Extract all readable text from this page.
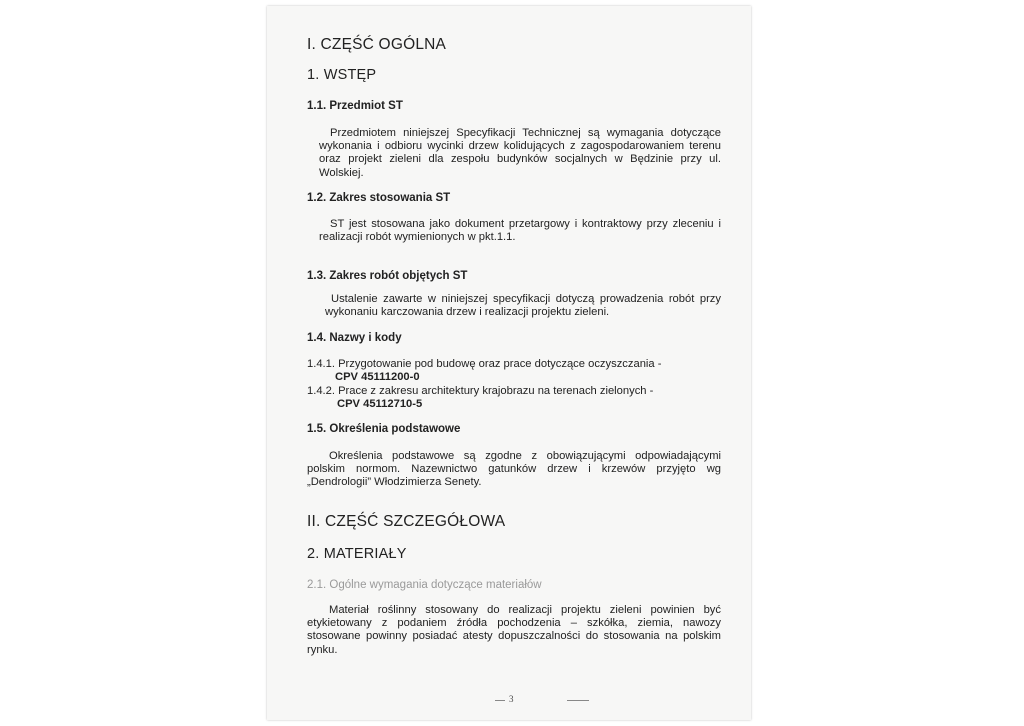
I. CZĘŚĆ OGÓLNA
1. WSTĘP
1.1. Przedmiot ST
Przedmiotem niniejszej Specyfikacji Technicznej są wymagania dotyczące wykonania i odbioru wycinki drzew kolidujących z zagospodarowaniem terenu oraz projekt zieleni dla zespołu budynków socjalnych w Będzinie przy ul. Wolskiej.
1.2. Zakres stosowania ST
ST jest stosowana jako dokument przetargowy i kontraktowy przy zleceniu i realizacji robót wymienionych w pkt.1.1.
1.3. Zakres robót objętych ST
Ustalenie zawarte w niniejszej specyfikacji dotyczą prowadzenia robót przy wykonaniu karczowania drzew i realizacji projektu zieleni.
1.4. Nazwy i kody
1.4.1. Przygotowanie pod budowę oraz prace dotyczące oczyszczania -
CPV 45111200-0
1.4.2. Prace z zakresu architektury krajobrazu na terenach zielonych -
CPV 45112710-5
1.5. Określenia podstawowe
Określenia podstawowe są zgodne z obowiązującymi odpowiadającymi polskim normom. Nazewnictwo gatunków drzew i krzewów przyjęto wg „Dendrologii” Włodzimierza Senety.
II. CZĘŚĆ SZCZEGÓŁOWA
2. MATERIAŁY
2.1. Ogólne wymagania dotyczące materiałów
Materiał roślinny stosowany do realizacji projektu zieleni powinien być etykietowany z podaniem źródła pochodzenia – szkółka, ziemia, nawozy stosowane powinny posiadać atesty dopuszczalności do stosowania na polskim rynku.
3
